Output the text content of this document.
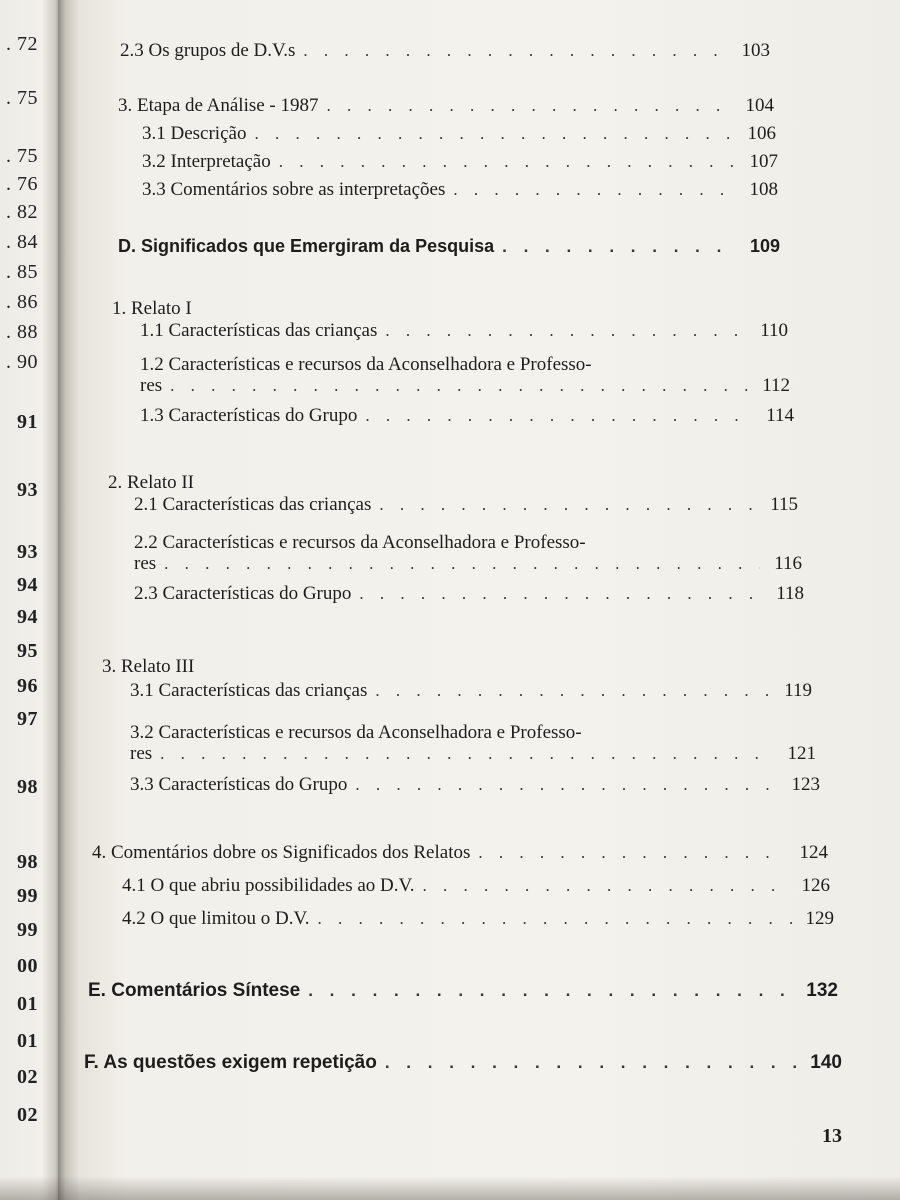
. 72
. 75
. 75
. 76
. 82
. 84
. 85
. 86
. 88
. 90
91
93
93
94
94
95
96
97
98
98
99
99
00
01
01
02
02
2.3 Os grupos de D.V.s . . .	103
3. Etapa de Análise - 1987 . . .	104
3.1 Descrição . . .	106
3.2 Interpretação . . .	107
3.3 Comentários sobre as interpretações . . .	108
D. Significados que Emergiram da Pesquisa . . .	109
1. Relato I
1.1 Características das crianças . . .	110
1.2 Características e recursos da Aconselhadora e Professo-
res . . .	112
1.3 Características do Grupo . . .	114
2. Relato II
2.1 Características das crianças . . .	115
2.2 Características e recursos da Aconselhadora e Professo-
res . . .	116
2.3 Características do Grupo . . .	118
3. Relato III
3.1 Características das crianças . . .	119
3.2 Características e recursos da Aconselhadora e Professo-
res . . .	121
3.3 Características do Grupo . . .	123
4. Comentários dobre os Significados dos Relatos . . .	124
4.1 O que abriu possibilidades ao D.V. . . .	126
4.2 O que limitou o D.V. . . .	129
E. Comentários Síntese . . .	132
F. As questões exigem repetição . . .	140
13
